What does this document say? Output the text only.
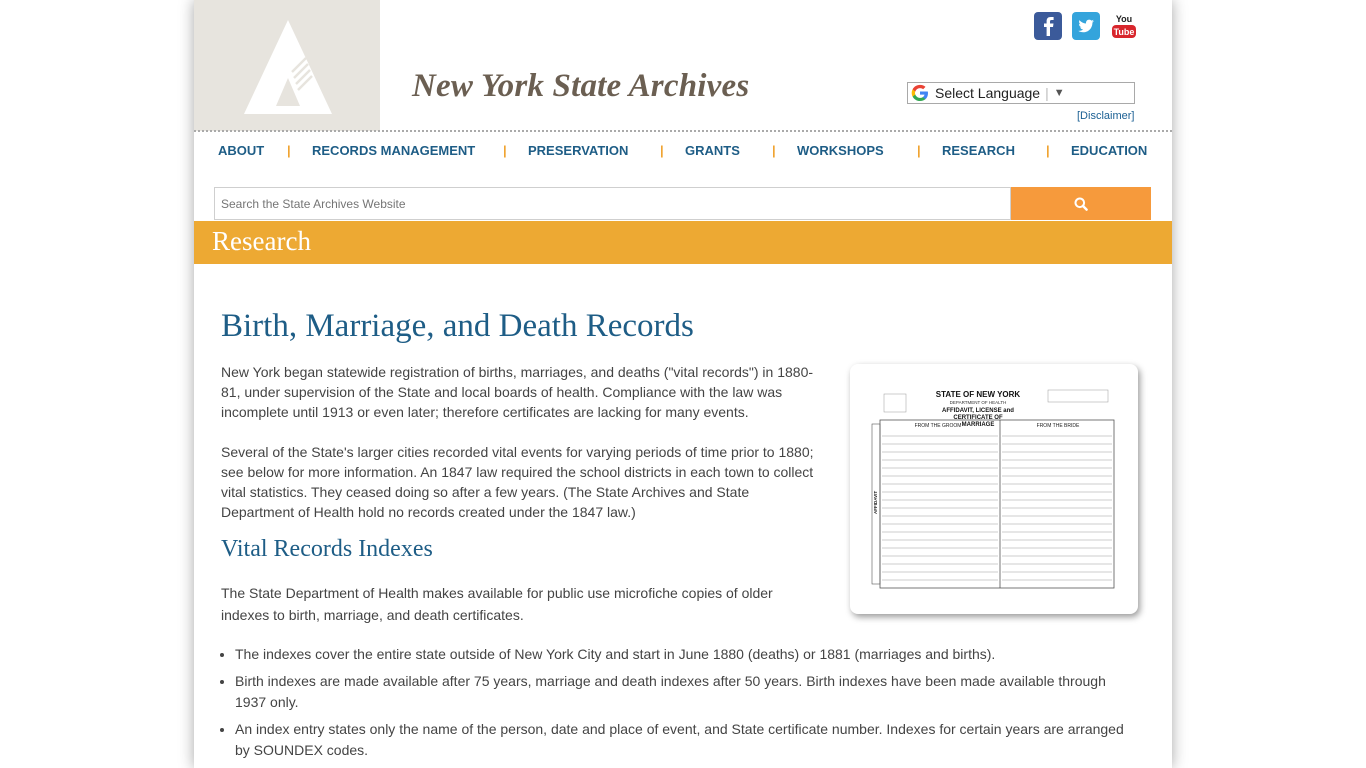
New York State Archives
You
Tube
Select Language | ▼
[Disclaimer]
ABOUT | RECORDS MANAGEMENT | PRESERVATION | GRANTS | WORKSHOPS	| RESEARCH | EDUCATION
Search the State Archives Website
Research
Birth, Marriage, and Death Records

New York began statewide registration of births, marriages, and deaths ("vital records") in 1880-81, under supervision of the State and local boards of health. Compliance with the law was incomplete until 1913 or even later; therefore certificates are lacking for many events.

Several of the State's larger cities recorded vital events for varying periods of time prior to 1880; see below for more information. An 1847 law required the school districts in each town to collect vital statistics. They ceased doing so after a few years. (The State Archives and State Department of Health hold no records created under the 1847 law.)

Vital Records Indexes

The State Department of Health makes available for public use microfiche copies of older indexes to birth, marriage, and death certificates.

STATE OF NEW YORK
DEPARTMENT OF HEALTH
AFFIDAVIT, LICENSE and
CERTIFICATE OF
MARRIAGE
FROM THE GROOM	FROM THE BRIDE
AFFIDAVIT
• The indexes cover the entire state outside of New York City and start in June 1880 (deaths) or 1881 (marriages and births).
• Birth indexes are made available after 75 years, marriage and death indexes after 50 years. Birth indexes have been made available through 1937 only.
• An index entry states only the name of the person, date and place of event, and State certificate number. Indexes for certain years are arranged by SOUNDEX codes.
